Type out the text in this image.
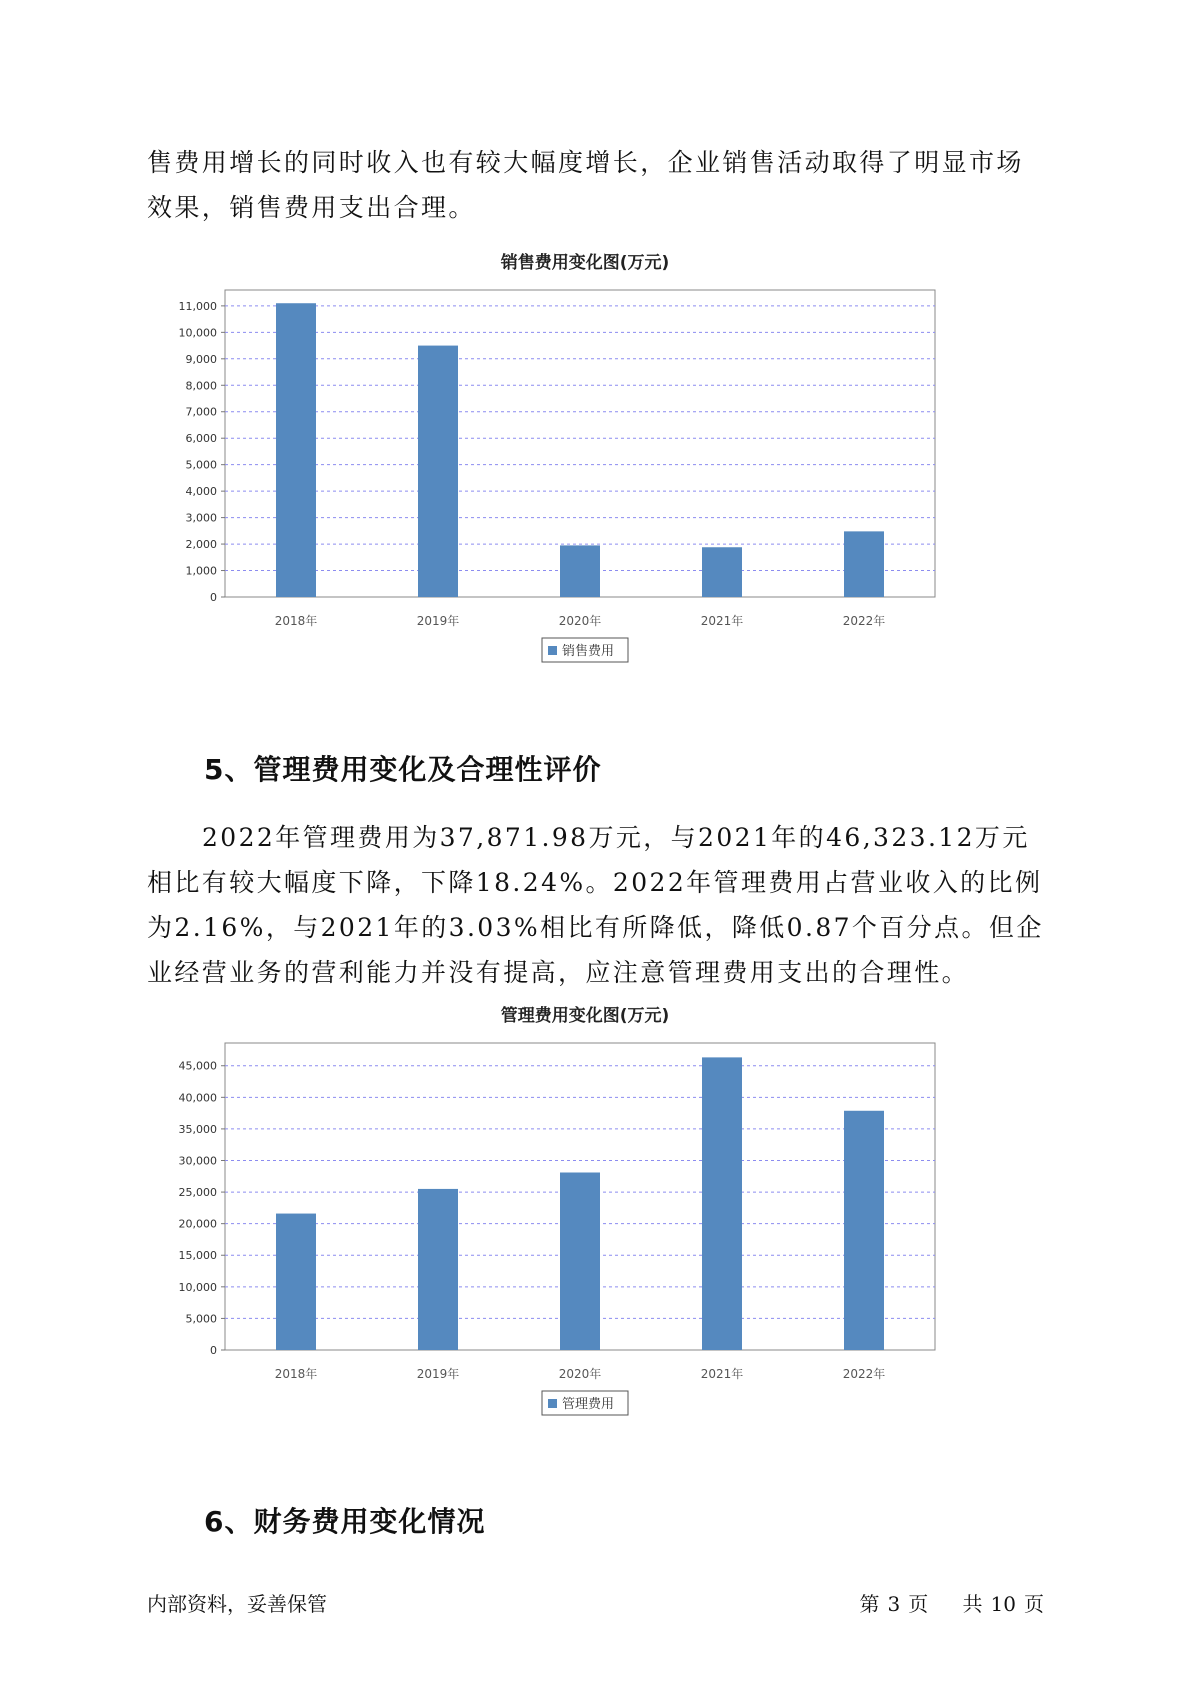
售费用增长的同时收入也有较大幅度增长，企业销售活动取得了明显市场效果，销售费用支出合理。

销售费用变化图(万元)
0
1,000
2,000
3,000
4,000
5,000
6,000
7,000
8,000
9,000
10,000
11,000
2018年	2019年	2020年	2021年	2022年
销售费用
5、管理费用变化及合理性评价

2022年管理费用为37,871.98万元，与2021年的46,323.12万元相比有较大幅度下降，下降18.24%。2022年管理费用占营业收入的比例为2.16%，与2021年的3.03%相比有所降低，降低0.87个百分点。但企业经营业务的营利能力并没有提高，应注意管理费用支出的合理性。

管理费用变化图(万元)
0
5,000
10,000
15,000
20,000
25,000
30,000
35,000
40,000
45,000
2018年	2019年	2020年	2021年	2022年
管理费用
6、财务费用变化情况
内部资料，妥善保管	第 3 页 共 10 页
